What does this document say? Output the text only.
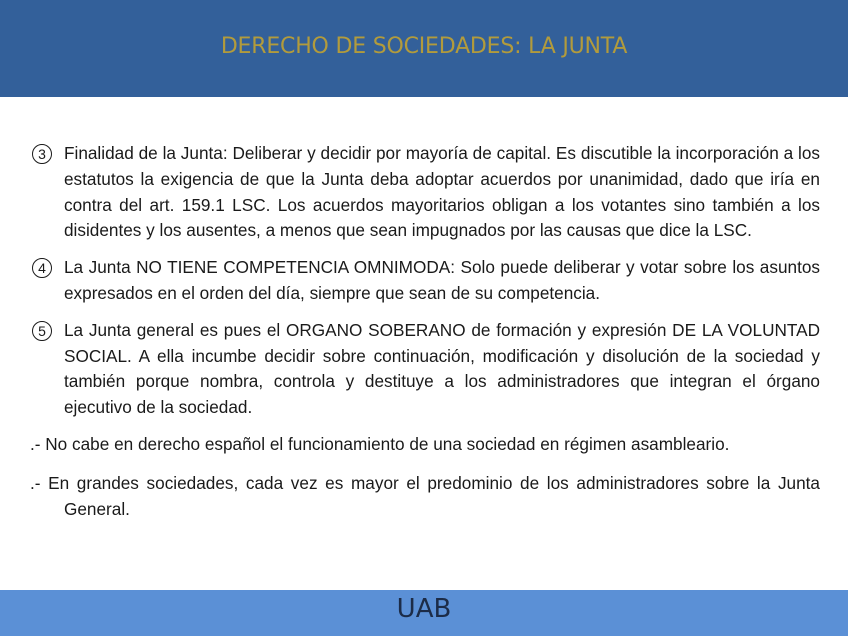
DERECHO DE SOCIEDADES: LA JUNTA

3	Finalidad de la Junta: Deliberar y decidir por mayoría de capital. Es discutible la incorporación a los estatutos la exigencia de que la Junta deba adoptar acuerdos por unanimidad, dado que iría en contra del art. 159.1 LSC. Los acuerdos mayoritarios obligan a los votantes sino también a los disidentes y los ausentes, a menos que sean impugnados por las causas que dice la LSC.

4	La Junta NO TIENE COMPETENCIA OMNIMODA: Solo puede deliberar y votar sobre los asuntos expresados en el orden del día, siempre que sean de su competencia.

5	La Junta general es pues el ORGANO SOBERANO de formación y expresión DE LA VOLUNTAD SOCIAL. A ella incumbe decidir sobre continuación, modificación y disolución de la sociedad y también porque nombra, controla y destituye a los administradores que integran el órgano ejecutivo de la sociedad.

.- No cabe en derecho español el funcionamiento de una sociedad en régimen asambleario.

.- En grandes sociedades, cada vez es mayor el predominio de los administradores sobre la Junta General.

UAB
